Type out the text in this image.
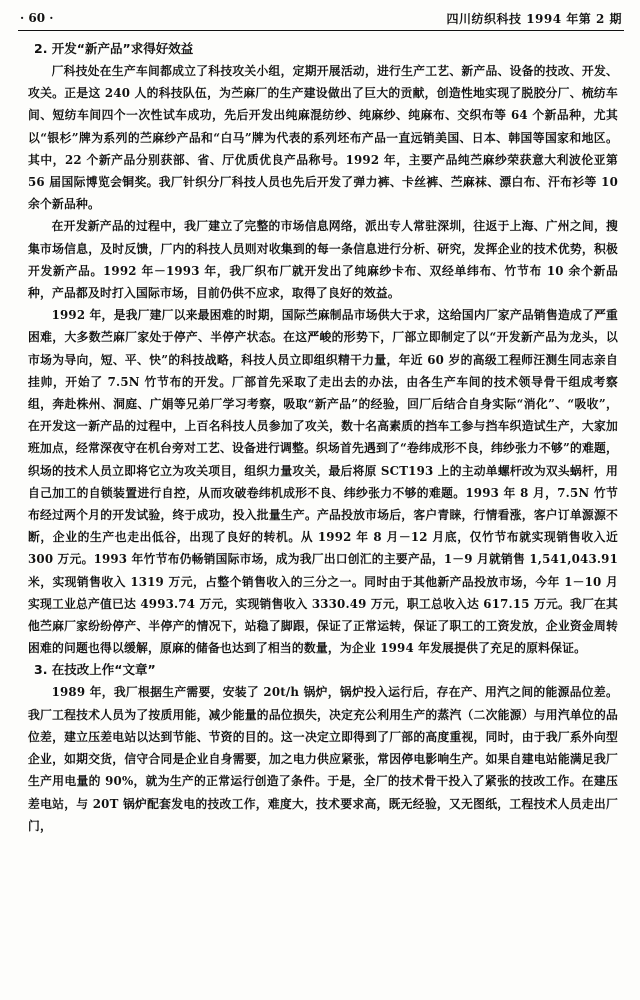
· 60 ·	四川纺织科技 1994 年第 2 期
2. 开发“新产品”求得好效益

厂科技处在生产车间都成立了科技攻关小组，定期开展活动，进行生产工艺、新产品、设备的技改、开发、攻关。正是这 240 人的科技队伍，为苎麻厂的生产建设做出了巨大的贡献，创造性地实现了脱胶分厂、梳纺车间、短纺车间四个一次性试车成功，先后开发出纯麻混纺纱、纯麻纱、纯麻布、交织布等 64 个新品种，尤其以“银杉”牌为系列的苎麻纱产品和“白马”牌为代表的系列坯布产品一直远销美国、日本、韩国等国家和地区。其中，22 个新产品分别获部、省、厅优质优良产品称号。1992 年，主要产品纯苎麻纱荣获意大利波伦亚第 56 届国际博览会铜奖。我厂针织分厂科技人员也先后开发了弹力裤、卡丝裤、苎麻袜、漂白布、汗布衫等 10 余个新品种。

在开发新产品的过程中，我厂建立了完整的市场信息网络，派出专人常驻深圳，往返于上海、广州之间，搜集市场信息，及时反馈，厂内的科技人员则对收集到的每一条信息进行分析、研究，发挥企业的技术优势，积极开发新产品。1992 年－1993 年，我厂织布厂就开发出了纯麻纱卡布、双经单纬布、竹节布 10 余个新品种，产品都及时打入国际市场，目前仍供不应求，取得了良好的效益。

1992 年，是我厂建厂以来最困难的时期，国际苎麻制品市场供大于求，这给国内厂家产品销售造成了严重困难，大多数苎麻厂家处于停产、半停产状态。在这严峻的形势下，厂部立即制定了以“开发新产品为龙头，以市场为导向，短、平、快”的科技战略，科技人员立即组织精干力量，年近 60 岁的高级工程师汪测生同志亲自挂帅，开始了 7.5N 竹节布的开发。厂部首先采取了走出去的办法，由各生产车间的技术领导骨干组成考察组，奔赴株州、洞庭、广娟等兄弟厂学习考察，吸取“新产品”的经验，回厂后结合自身实际“消化”、“吸收”，在开发这一新产品的过程中，上百名科技人员参加了攻关，数十名高素质的挡车工参与挡车织造试生产，大家加班加点，经常深夜守在机台旁对工艺、设备进行调整。织场首先遇到了“卷纬成形不良，纬纱张力不够”的难题，织场的技术人员立即将它立为攻关项目，组织力量攻关，最后将原 SCT193 上的主动单螺杆改为双头蜗杆，用自己加工的自锁装置进行自控，从而攻破卷纬机成形不良、纬纱张力不够的难题。1993 年 8 月，7.5N 竹节布经过两个月的开发试验，终于成功，投入批量生产。产品投放市场后，客户青睐，行情看涨，客户订单源源不断，企业的生产也走出低谷，出现了良好的转机。从 1992 年 8 月－12 月底，仅竹节布就实现销售收入近 300 万元。1993 年竹节布仍畅销国际市场，成为我厂出口创汇的主要产品，1－9 月就销售 1,541,043.91 米，实现销售收入 1319 万元，占整个销售收入的三分之一。同时由于其他新产品投放市场，今年 1－10 月实现工业总产值已达 4993.74 万元，实现销售收入 3330.49 万元，职工总收入达 617.15 万元。我厂在其他苎麻厂家纷纷停产、半停产的情况下，站稳了脚跟，保证了正常运转，保证了职工的工资发放，企业资金周转困难的问题也得以缓解，原麻的储备也达到了相当的数量，为企业 1994 年发展提供了充足的原料保证。

3. 在技改上作“文章”

1989 年，我厂根据生产需要，安装了 20t/h 锅炉，锅炉投入运行后，存在产、用汽之间的能源品位差。我厂工程技术人员为了按质用能，减少能量的品位损失，决定充公利用生产的蒸汽（二次能源）与用汽单位的品位差，建立压差电站以达到节能、节资的目的。这一决定立即得到了厂部的高度重视，同时，由于我厂系外向型企业，如期交货，信守合同是企业自身需要，加之电力供应紧张，常因停电影响生产。如果自建电站能满足我厂生产用电量的 90%，就为生产的正常运行创造了条件。于是，全厂的技术骨干投入了紧张的技改工作。在建压差电站，与 20T 锅炉配套发电的技改工作，难度大，技术要求高，既无经验，又无图纸，工程技术人员走出厂门，
